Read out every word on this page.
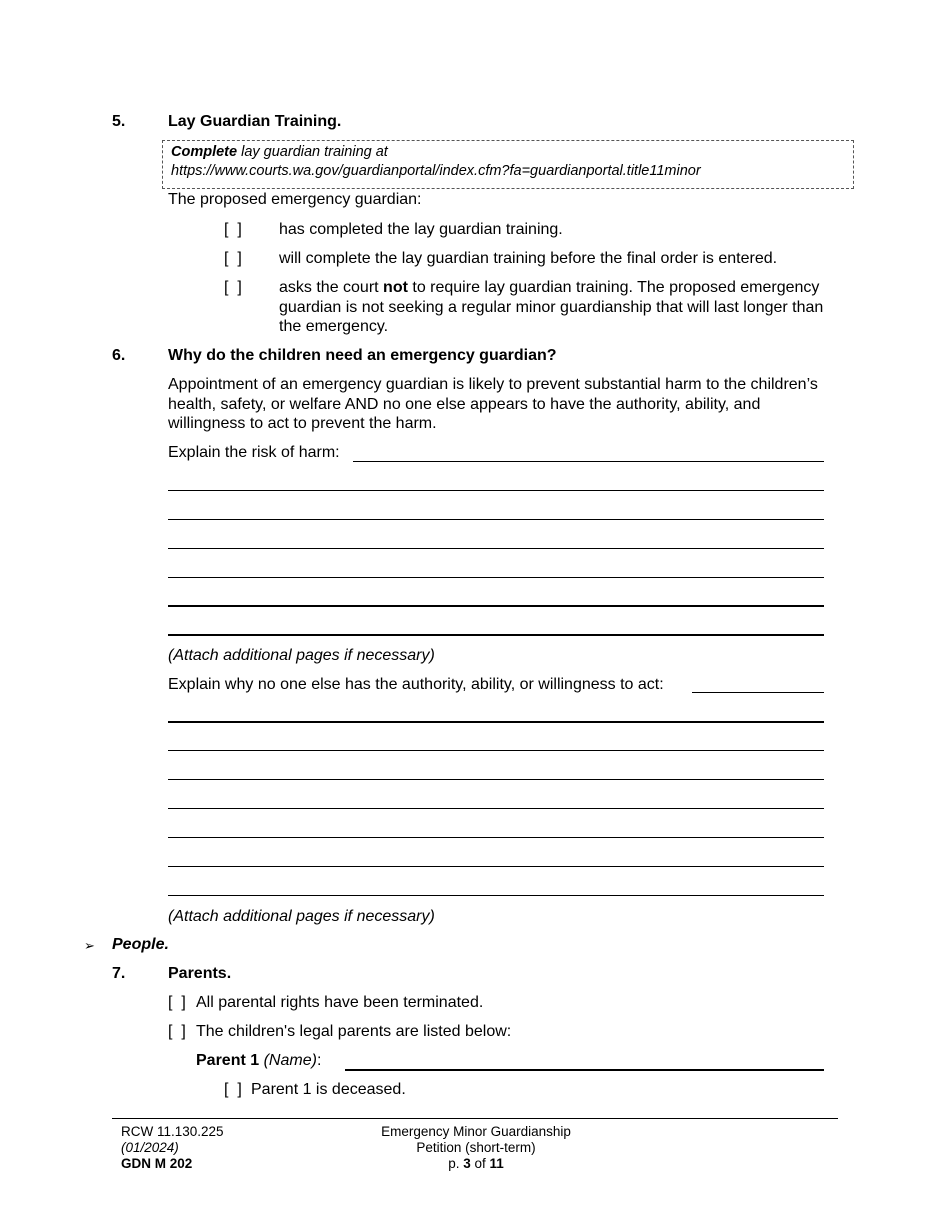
5.	Lay Guardian Training.
Complete lay guardian training at
https://www.courts.wa.gov/guardianportal/index.cfm?fa=guardianportal.title11minor
The proposed emergency guardian:
[  ] has completed the lay guardian training.
[  ] will complete the lay guardian training before the final order is entered.
[  ] asks the court not to require lay guardian training. The proposed emergency guardian is not seeking a regular minor guardianship that will last longer than the emergency.
6.	Why do the children need an emergency guardian?
Appointment of an emergency guardian is likely to prevent substantial harm to the children’s health, safety, or welfare AND no one else appears to have the authority, ability, and willingness to act to prevent the harm.
Explain the risk of harm:
(Attach additional pages if necessary)
Explain why no one else has the authority, ability, or willingness to act:
(Attach additional pages if necessary)
➢ People.
7.	Parents.
[  ] All parental rights have been terminated.
[  ] The children's legal parents are listed below:
Parent 1 (Name):
[  ] Parent 1 is deceased.
RCW 11.130.225
(01/2024)
GDN M 202
Emergency Minor Guardianship
Petition (short-term)
p. 3 of 11
